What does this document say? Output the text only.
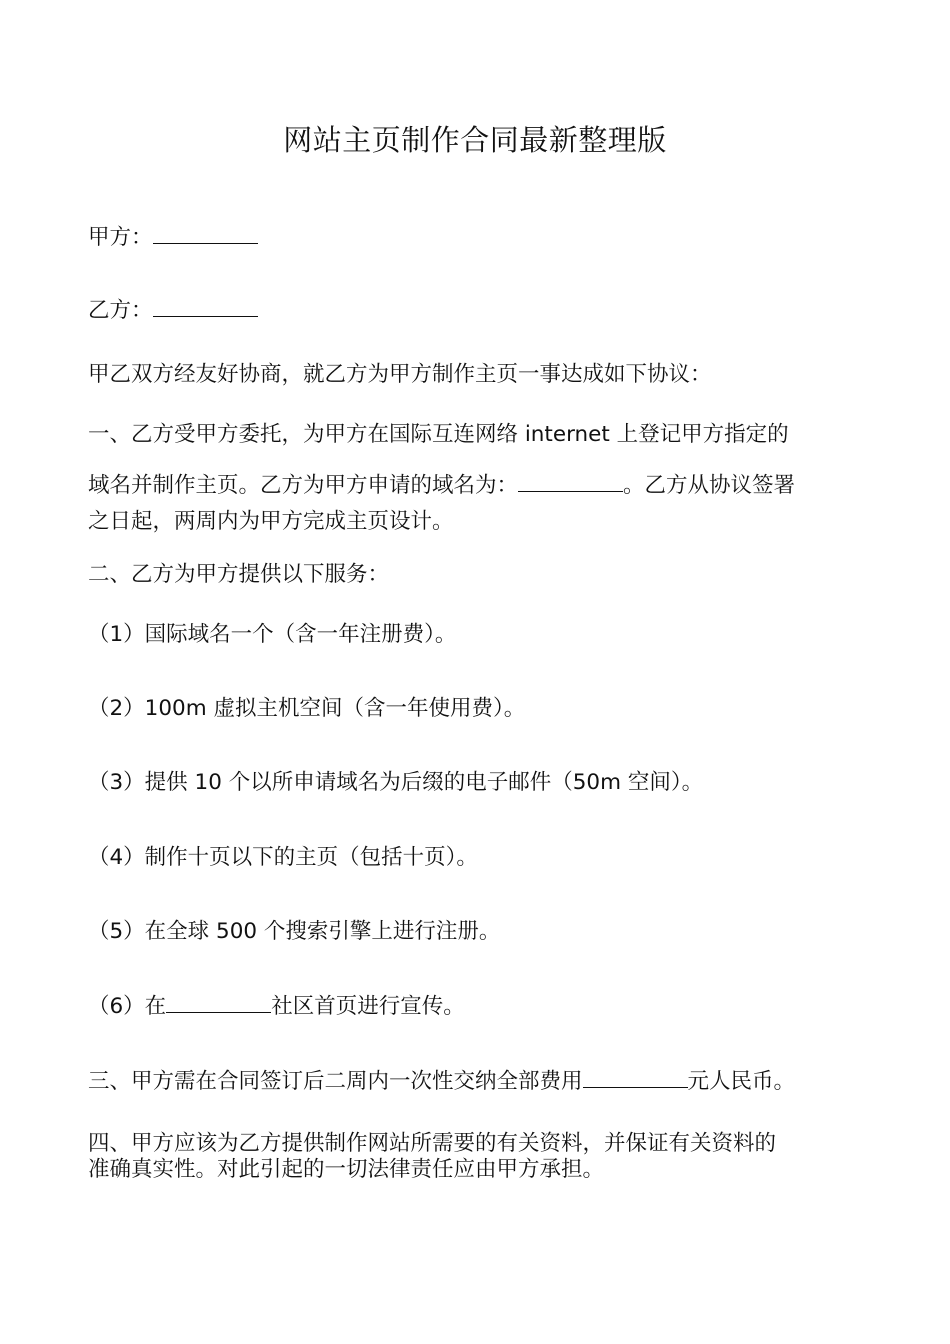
网站主页制作合同最新整理版
甲方：
乙方：
甲乙双方经友好协商，就乙方为甲方制作主页一事达成如下协议：
一、乙方受甲方委托，为甲方在国际互连网络 internet 上登记甲方指定的
域名并制作主页。乙方为甲方申请的域名为：	。乙方从协议签署
之日起，两周内为甲方完成主页设计。
二、乙方为甲方提供以下服务：
（1）国际域名一个（含一年注册费）。
（2）100m 虚拟主机空间（含一年使用费）。
（3）提供 10 个以所申请域名为后缀的电子邮件（50m 空间）。
（4）制作十页以下的主页（包括十页）。
（5）在全球 500 个搜索引擎上进行注册。
（6）在	社区首页进行宣传。
三、甲方需在合同签订后二周内一次性交纳全部费用	元人民币。
四、甲方应该为乙方提供制作网站所需要的有关资料，并保证有关资料的
准确真实性。对此引起的一切法律责任应由甲方承担。
